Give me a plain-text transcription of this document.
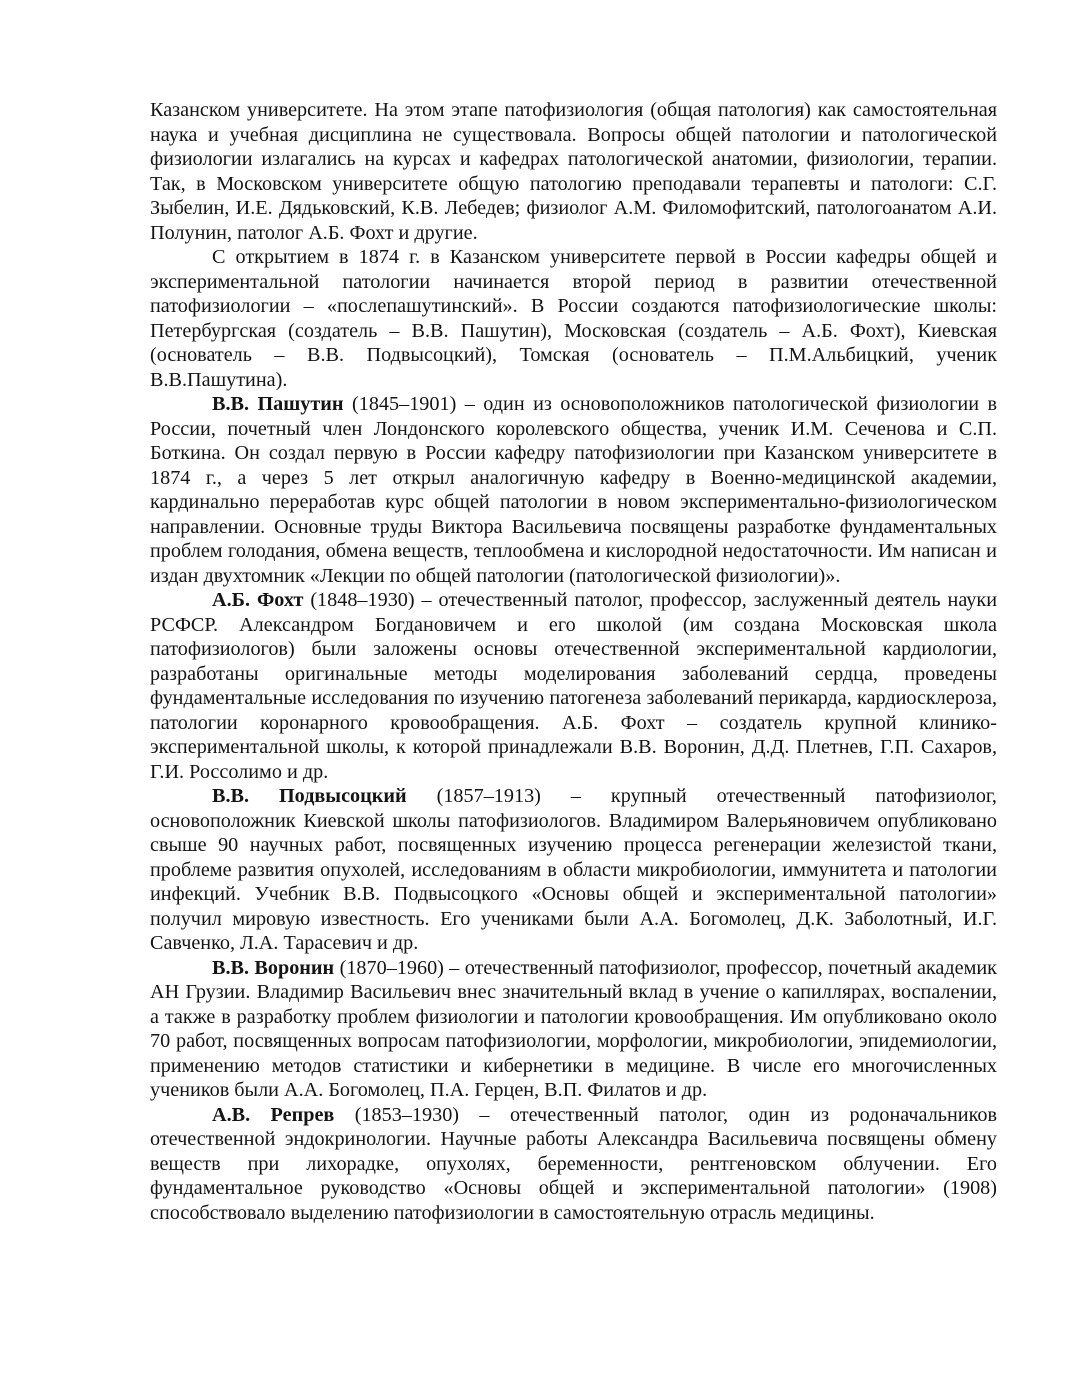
Казанском университете. На этом этапе патофизиология (общая патология) как самостоятельная наука и учебная дисциплина не существовала. Вопросы общей патологии и патологической физиологии излагались на курсах и кафедрах патологической анатомии, физиологии, терапии. Так, в Московском университете общую патологию преподавали терапевты и патологи: С.Г. Зыбелин, И.Е. Дядьковский, К.В. Лебедев; физиолог А.М. Филомофитский, патологоанатом А.И. Полунин, патолог А.Б. Фохт и другие.

С открытием в 1874 г. в Казанском университете первой в России кафедры общей и экспериментальной патологии начинается второй период в развитии отечественной патофизиологии – «послепашутинский». В России создаются патофизиологические школы: Петербургская (создатель – В.В. Пашутин), Московская (создатель – А.Б. Фохт), Киевская (основатель – В.В. Подвысоцкий), Томская (основатель – П.М.Альбицкий, ученик В.В.Пашутина).

В.В. Пашутин (1845–1901) – один из основоположников патологической физиологии в России, почетный член Лондонского королевского общества, ученик И.М. Сеченова и С.П. Боткина. Он создал первую в России кафедру патофизиологии при Казанском университете в 1874 г., а через 5 лет открыл аналогичную кафедру в Военно-медицинской академии, кардинально переработав курс общей патологии в новом экспериментально-физиологическом направлении. Основные труды Виктора Васильевича посвящены разработке фундаментальных проблем голодания, обмена веществ, теплообмена и кислородной недостаточности. Им написан и издан двухтомник «Лекции по общей патологии (патологической физиологии)».

А.Б. Фохт (1848–1930) – отечественный патолог, профессор, заслуженный деятель науки РСФСР. Александром Богдановичем и его школой (им создана Московская школа патофизиологов) были заложены основы отечественной экспериментальной кардиологии, разработаны оригинальные методы моделирования заболеваний сердца, проведены фундаментальные исследования по изучению патогенеза заболеваний перикарда, кардиосклероза, патологии коронарного кровообращения. А.Б. Фохт – создатель крупной клинико-экспериментальной школы, к которой принадлежали В.В. Воронин, Д.Д. Плетнев, Г.П. Сахаров, Г.И. Россолимо и др.

В.В. Подвысоцкий (1857–1913) – крупный отечественный патофизиолог, основоположник Киевской школы патофизиологов. Владимиром Валерьяновичем опубликовано свыше 90 научных работ, посвященных изучению процесса регенерации железистой ткани, проблеме развития опухолей, исследованиям в области микробиологии, иммунитета и патологии инфекций. Учебник В.В. Подвысоцкого «Основы общей и экспериментальной патологии» получил мировую известность. Его учениками были А.А. Богомолец, Д.К. Заболотный, И.Г. Савченко, Л.А. Тарасевич и др.

В.В. Воронин (1870–1960) – отечественный патофизиолог, профессор, почетный академик АН Грузии. Владимир Васильевич внес значительный вклад в учение о капиллярах, воспалении, а также в разработку проблем физиологии и патологии кровообращения. Им опубликовано около 70 работ, посвященных вопросам патофизиологии, морфологии, микробиологии, эпидемиологии, применению методов статистики и кибернетики в медицине. В числе его многочисленных учеников были А.А. Богомолец, П.А. Герцен, В.П. Филатов и др.

А.В. Репрев (1853–1930) – отечественный патолог, один из родоначальников отечественной эндокринологии. Научные работы Александра Васильевича посвящены обмену веществ при лихорадке, опухолях, беременности, рентгеновском облучении. Его фундаментальное руководство «Основы общей и экспериментальной патологии» (1908) способствовало выделению патофизиологии в самостоятельную отрасль медицины.
